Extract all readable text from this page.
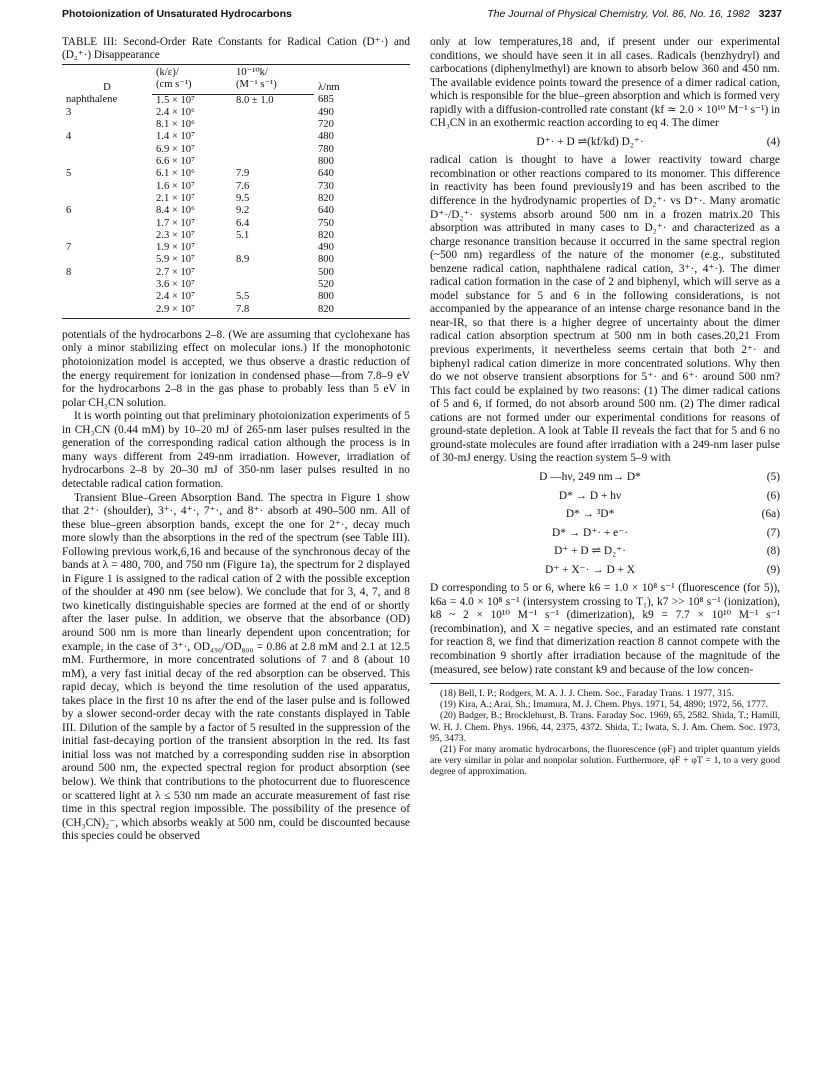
Photoionization of Unsaturated Hydrocarbons	The Journal of Physical Chemistry, Vol. 86, No. 16, 1982 3237

TABLE III: Second-Order Rate Constants for Radical Cation (D⁺·) and (D₂⁺·) Disappearance

D	(k/ε)/	10⁻¹⁰k/	λ/nm
	(cm s⁻¹)	(M⁻¹ s⁻¹)	
naphthalene	1.5 × 10⁷	8.0 ± 1.0	685
3	2.4 × 10⁶		490
	8.1 × 10⁶		720
4	1.4 × 10⁷		480
	6.9 × 10⁷		780
	6.6 × 10⁷		800
5	6.1 × 10⁶	7.9	640
	1.6 × 10⁷	7.6	730
	2.1 × 10⁷	9.5	820
6	8.4 × 10⁶	9.2	640
	1.7 × 10⁷	6.4	750
	2.3 × 10⁷	5.1	820
7	1.9 × 10⁷		490
	5.9 × 10⁷	8.9	800
8	2.7 × 10⁷		500
	3.6 × 10⁷		520
	2.4 × 10⁷	5.5	800
	2.9 × 10⁷	7.8	820

potentials of the hydrocarbons 2–8. (We are assuming that cyclohexane has only a minor stabilizing effect on molecular ions.) If the monophotonic photoionization model is accepted, we thus observe a drastic reduction of the energy requirement for ionization in condensed phase—from 7.8–9 eV for the hydrocarbons 2–8 in the gas phase to probably less than 5 eV in polar CH₃CN solution.

It is worth pointing out that preliminary photoionization experiments of 5 in CH₃CN (0.44 mM) by 10–20 mJ of 265-nm laser pulses resulted in the generation of the corresponding radical cation although the process is in many ways different from 249-nm irradiation. However, irradiation of hydrocarbons 2–8 by 20–30 mJ of 350-nm laser pulses resulted in no detectable radical cation formation.

Transient Blue–Green Absorption Band. The spectra in Figure 1 show that 2⁺· (shoulder), 3⁺·, 4⁺·, 7⁺·, and 8⁺· absorb at 490–500 nm. All of these blue–green absorption bands, except the one for 2⁺·, decay much more slowly than the absorptions in the red of the spectrum (see Table III). Following previous work,6,16 and because of the synchronous decay of the bands at λ = 480, 700, and 750 nm (Figure 1a), the spectrum for 2 displayed in Figure 1 is assigned to the radical cation of 2 with the possible exception of the shoulder at 490 nm (see below). We conclude that for 3, 4, 7, and 8 two kinetically distinguishable species are formed at the end of or shortly after the laser pulse. In addition, we observe that the absorbance (OD) around 500 nm is more than linearly dependent upon concentration; for example, in the case of 3⁺·, OD₄₉₀/OD₈₀₀ = 0.86 at 2.8 mM and 2.1 at 12.5 mM. Furthermore, in more concentrated solutions of 7 and 8 (about 10 mM), a very fast initial decay of the red absorption can be observed. This rapid decay, which is beyond the time resolution of the used apparatus, takes place in the first 10 ns after the end of the laser pulse and is followed by a slower second-order decay with the rate constants displayed in Table III. Dilution of the sample by a factor of 5 resulted in the suppression of the initial fast-decaying portion of the transient absorption in the red. Its fast initial loss was not matched by a corresponding sudden rise in absorption around 500 nm, the expected spectral region for product absorption (see below). We think that contributions to the photocurrent due to fluorescence or scattered light at λ ≤ 530 nm made an accurate measurement of fast rise time in this spectral region impossible. The possibility of the presence of (CH₃CN)₂⁻, which absorbs weakly at 500 nm, could be discounted because this species could be observed

only at low temperatures,18 and, if present under our experimental conditions, we should have seen it in all cases. Radicals (benzhydryl) and carbocations (diphenylmethyl) are known to absorb below 360 and 450 nm. The available evidence points toward the presence of a dimer radical cation, which is responsible for the blue–green absorption and which is formed very rapidly with a diffusion-controlled rate constant (kf ≃ 2.0 × 10¹⁰ M⁻¹ s⁻¹) in CH₃CN in an exothermic reaction according to eq 4. The dimer

D⁺· + D ⇌(kf/kd) D₂⁺·	(4)

radical cation is thought to have a lower reactivity toward charge recombination or other reactions compared to its monomer. This difference in reactivity has been found previously19 and has been ascribed to the difference in the hydrodynamic properties of D₂⁺· vs D⁺·. Many aromatic D⁺·/D₂⁺· systems absorb around 500 nm in a frozen matrix.20 This absorption was attributed in many cases to D₂⁺· and characterized as a charge resonance transition because it occurred in the same spectral region (~500 nm) regardless of the nature of the monomer (e.g., substituted benzene radical cation, naphthalene radical cation, 3⁺·, 4⁺·). The dimer radical cation formation in the case of 2 and biphenyl, which will serve as a model substance for 5 and 6 in the following considerations, is not accompanied by the appearance of an intense charge resonance band in the near-IR, so that there is a higher degree of uncertainty about the dimer radical cation absorption spectrum at 500 nm in both cases.20,21 From previous experiments, it nevertheless seems certain that both 2⁺· and biphenyl radical cation dimerize in more concentrated solutions. Why then do we not observe transient absorptions for 5⁺· and 6⁺· around 500 nm? This fact could be explained by two reasons: (1) The dimer radical cations of 5 and 6, if formed, do not absorb around 500 nm. (2) The dimer radical cations are not formed under our experimental conditions for reasons of ground-state depletion. A look at Table II reveals the fact that for 5 and 6 no ground-state molecules are found after irradiation with a 249-nm laser pulse of 30-mJ energy. Using the reaction system 5–9 with

D —hν, 249 nm→ D*	(5)
D* → D + hν	(6)
D* → ³D*	(6a)
D* → D⁺· + e⁻·	(7)
D⁺ + D ⇌ D₂⁺·	(8)
D⁺ + X⁻· → D + X	(9)

D corresponding to 5 or 6, where k6 = 1.0 × 10⁸ s⁻¹ (fluorescence (for 5)), k6a = 4.0 × 10⁸ s⁻¹ (intersystem crossing to T₁), k7 >> 10⁸ s⁻¹ (ionization), k8 ~ 2 × 10¹⁰ M⁻¹ s⁻¹ (dimerization), k9 = 7.7 × 10¹⁰ M⁻¹ s⁻¹ (recombination), and X = negative species, and an estimated rate constant for reaction 8, we find that dimerization reaction 8 cannot compete with the recombination 9 shortly after irradiation because of the magnitude of the (measured, see below) rate constant k9 and because of the low concen-

(18) Bell, I. P.; Rodgers, M. A. J. J. Chem. Soc., Faraday Trans. 1 1977, 315.

(19) Kira, A.; Arai, Sh.; Imamura, M. J. Chem. Phys. 1971, 54, 4890; 1972, 56, 1777.

(20) Badger, B.; Brocklehurst, B. Trans. Faraday Soc. 1969, 65, 2582. Shida, T.; Hamill, W. H. J. Chem. Phys. 1966, 44, 2375, 4372. Shida, T.; Iwata, S. J. Am. Chem. Soc. 1973, 95, 3473.

(21) For many aromatic hydrocarbons, the fluorescence (φF) and triplet quantum yields are very similar in polar and nonpolar solution. Furthermore, φF + φT = 1, to a very good degree of approximation.
